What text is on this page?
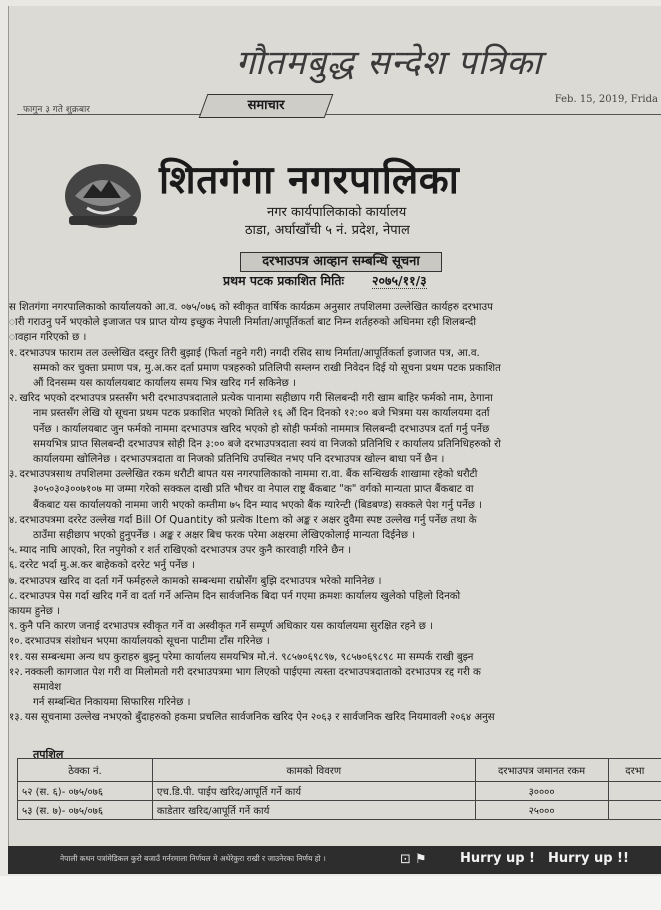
गौतमबुद्ध सन्देश पत्रिका
फागुन ३ गते शुक्रबार
Feb. 15, 2019, Frida
समाचार
शितगंगा नगरपालिका
नगर कार्यपालिकाको कार्यालय
ठाडा, अर्घाखाँची ५ नं. प्रदेश, नेपाल
दरभाउपत्र आव्हान सम्बन्धि सूचना
प्रथम पटक प्रकाशित मितिः २०७५/११/३
स शितगंगा नगरपालिकाको कार्यालयको आ.व. ०७५/०७६ को स्वीकृत वार्षिक कार्यक्रम अनुसार तपशिलमा उल्लेखित कार्यहरु दरभाउप
ारी गराउनु पर्ने भएकोले इजाजत पत्र प्राप्त योग्य इच्छुक नेपाली निर्माता/आपूर्तिकर्ता बाट निम्न शर्तहरुको अधिनमा रही शिलबन्दी
ावहान गरिएको छ ।
१. दरभाउपत्र फाराम तल उल्लेखित दस्तुर तिरी बुझाई (फिर्ता नहुने गरी) नगदी रसिद साथ निर्माता/आपूर्तिकर्ता इजाजत पत्र, आ.व.
सम्मको कर चुक्ता प्रमाण पत्र, मु.अ.कर दर्ता प्रमाण पत्रहरुको प्रतिलिपी सम्लग्न राखी निवेदन दिई यो सूचना प्रथम पटक प्रकाशित
औं दिनसम्म यस कार्यालयबाट कार्यालय समय भित्र खरिद गर्न सकिनेछ ।
२. खरिद भएको दरभाउपत्र प्रस्तसँग भरी दरभाउपत्रदाताले प्रत्येक पानामा सहीछाप गरी सिलबन्दी गरी खाम बाहिर फर्मको नाम, ठेगाना
नाम प्रस्तसँग लेखि यो सूचना प्रथम पटक प्रकाशित भएको मितिले १६ औं दिन दिनको १२:०० बजे भित्रमा यस कार्यालयमा दर्ता
पर्नेछ । कार्यालयबाट जुन फर्मको नाममा दरभाउपत्र खरिद भएको हो सोही फर्मको नाममात्र सिलबन्दी दरभाउपत्र दर्ता गर्नु पर्नेछ
समयभित्र प्राप्त सिलबन्दी दरभाउपत्र सोही दिन ३:०० बजे दरभाउपत्रदाता स्वयं वा निजको प्रतिनिधि र कार्यालय प्रतिनिधिहरुको रो
कार्यालयमा खोलिनेछ । दरभाउपत्रदाता वा निजको प्रतिनिधि उपस्थित नभए पनि दरभाउपत्र खोल्न बाधा पर्ने छैन ।
३. दरभाउपत्रसाथ तपशिलमा उल्लेखित रकम धरौटी बापत यस नगरपालिकाको नाममा रा.वा. बैंक सन्धिखर्क शाखामा रहेको धरौटी
३०५०३०३००७१०७ मा जम्मा गरेको सक्कल दाखी प्रति भौचर वा नेपाल राष्ट्र बैंकबाट "क" वर्गको मान्यता प्राप्त बैंकबाट वा
बैंकबाट यस कार्यालयको नाममा जारी भएको कम्तीमा ७५ दिन म्याद भएको बैंक ग्यारेन्टी (बिडबण्ड) सक्कले पेश गर्नु पर्नेछ ।
४. दरभाउपत्रमा दररेट उल्लेख गर्दा Bill Of Quantity को प्रत्येक Item को अङ्क र अक्षर दुवैमा स्पष्ट उल्लेख गर्नु पर्नेछ तथा के
ठाउँमा सहीछाप भएको हुनुपर्नेछ । अङ्क र अक्षर बिच फरक परेमा अक्षरमा लेखिएकोलाई मान्यता दिईनेछ ।
५. म्याद नाघि आएको, रित नपुगेको र शर्त राखिएको दरभाउपत्र उपर कुनै कारवाही गरिने छैन ।
६. दररेट भर्दा मु.अ.कर बाहेकको दररेट भर्नु पर्नेछ ।
७. दरभाउपत्र खरिद वा दर्ता गर्ने फर्महरुले कामको सम्बन्धमा राम्रोसँग बुझि दरभाउपत्र भरेको मानिनेछ ।
८. दरभाउपत्र पेस गर्दा खरिद गर्ने वा दर्ता गर्ने अन्तिम दिन सार्वजनिक बिदा पर्न गएमा क्रमशः कार्यालय खुलेको पहिलो दिनको
कायम हुनेछ ।
९. कुनै पनि कारण जनाई दरभाउपत्र स्वीकृत गर्ने वा अस्वीकृत गर्ने सम्पूर्ण अधिकार यस कार्यालयमा सुरक्षित रहने छ ।
१०. दरभाउपत्र संशोधन भएमा कार्यालयको सूचना पाटीमा टाँस गरिनेछ ।
११. यस सम्बन्धमा अन्य थप कुराहरु बुझ्नु परेमा कार्यालय समयभित्र मो.नं. ९८५७०६९८९७, ९८५७०६९८९८ मा सम्पर्क राखी बुझ्न
१२. नक्कली कागजात पेश गरी वा मिलोमतो गरी दरभाउपत्रमा भाग लिएको पाईएमा त्यस्ता दरभाउपत्रदाताको दरभाउपत्र रद्द गरी क
समावेश
गर्न सम्बन्धित निकायमा सिफारिस गरिनेछ ।
१३. यस सूचनामा उल्लेख नभएको बुँदाहरुको हकमा प्रचलित सार्वजनिक खरिद ऐन २०६३ र सार्वजनिक खरिद नियमावली २०६४ अनुस
तपशिल
ठेक्का नं.	कामको विवरण	दरभाउपत्र जमानत रकम	दरभा
५२ (स. ६)- ०७५/०७६	एच.डि.पी. पाईप खरिद/आपूर्ति गर्ने कार्य	३००००	
५३ (स. ७)- ०७५/०७६	काडेतार खरिद/आपूर्ति गर्ने कार्य	२५०००	
नेपाली कथन पत्रांमेडिकल कुरो बजाउँ गर्नरमाला निर्णयल मे अथेरेकुरा राखी र जाउनेरका निर्णय हो ।	⊡ ⚑	Hurry up ! Hurry up !!
